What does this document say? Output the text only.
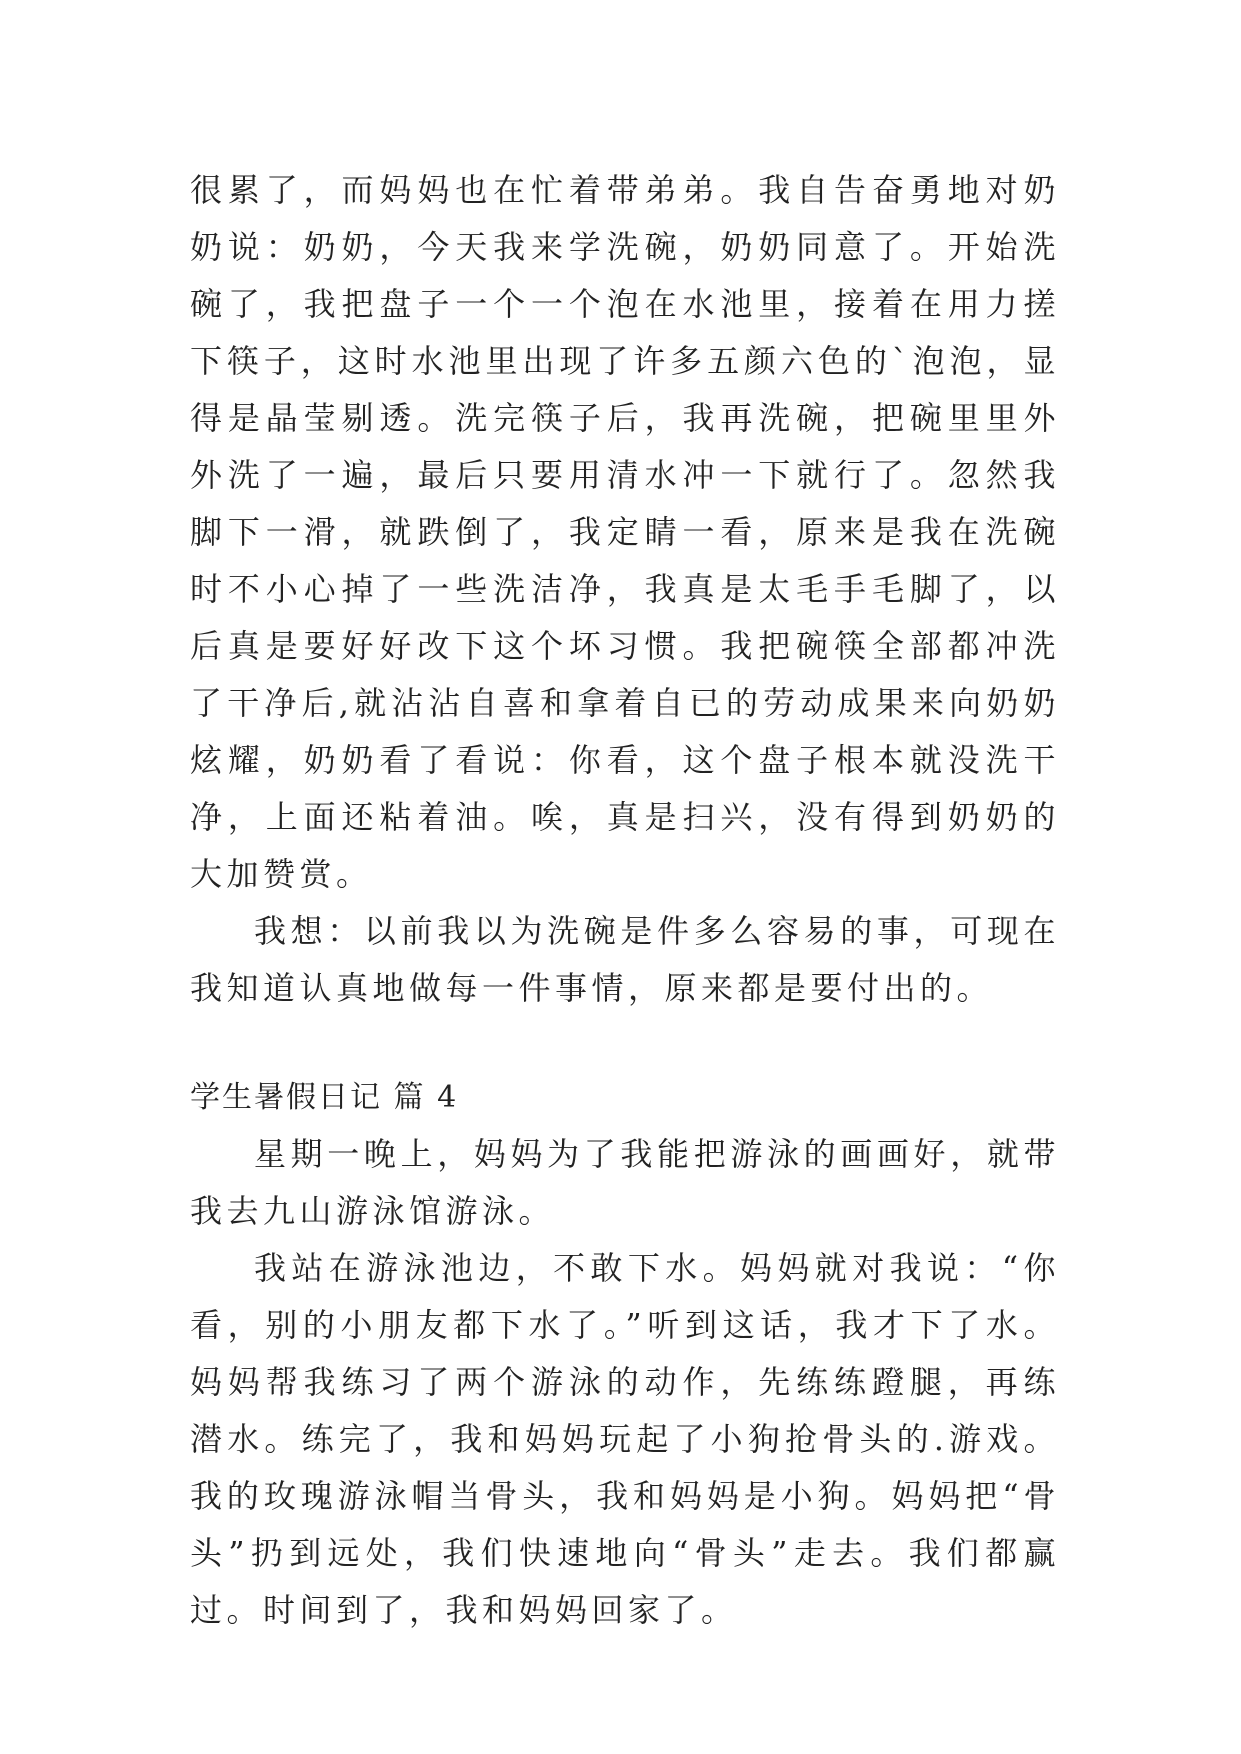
很累了，而妈妈也在忙着带弟弟。我自告奋勇地对奶奶说：奶奶，今天我来学洗碗，奶奶同意了。开始洗碗了，我把盘子一个一个泡在水池里，接着在用力搓下筷子，这时水池里出现了许多五颜六色的`泡泡，显得是晶莹剔透。洗完筷子后，我再洗碗，把碗里里外外洗了一遍，最后只要用清水冲一下就行了。忽然我脚下一滑，就跌倒了，我定睛一看，原来是我在洗碗时不小心掉了一些洗洁净，我真是太毛手毛脚了，以后真是要好好改下这个坏习惯。我把碗筷全部都冲洗了干净后,就沾沾自喜和拿着自已的劳动成果来向奶奶炫耀，奶奶看了看说：你看，这个盘子根本就没洗干净，上面还粘着油。唉，真是扫兴，没有得到奶奶的大加赞赏。

我想：以前我以为洗碗是件多么容易的事，可现在我知道认真地做每一件事情，原来都是要付出的。

学生暑假日记 篇 4

星期一晚上，妈妈为了我能把游泳的画画好，就带我去九山游泳馆游泳。

我站在游泳池边，不敢下水。妈妈就对我说：“你看，别的小朋友都下水了。”听到这话，我才下了水。妈妈帮我练习了两个游泳的动作，先练练蹬腿，再练潜水。练完了，我和妈妈玩起了小狗抢骨头的.游戏。我的玫瑰游泳帽当骨头，我和妈妈是小狗。妈妈把“骨头”扔到远处，我们快速地向“骨头”走去。我们都赢过。时间到了，我和妈妈回家了。
